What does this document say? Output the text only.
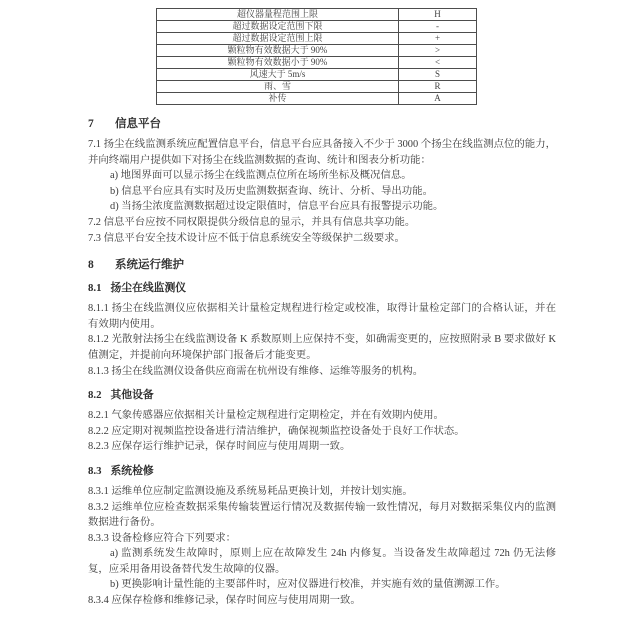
超仪器量程范围上限	H
超过数据设定范围下限	-
超过数据设定范围上限	+
颗粒物有效数据大于 90%	>
颗粒物有效数据小于 90%	<
风速大于 5m/s	S
雨、雪	R
补传	A
7 信息平台

7.1 扬尘在线监测系统应配置信息平台，信息平台应具备接入不少于 3000 个扬尘在线监测点位的能力，并向终端用户提供如下对扬尘在线监测数据的查询、统计和图表分析功能：

a) 地图界面可以显示扬尘在线监测点位所在场所坐标及概况信息。

b) 信息平台应具有实时及历史监测数据查询、统计、分析、导出功能。

d) 当扬尘浓度监测数据超过设定限值时，信息平台应具有报警提示功能。

7.2 信息平台应按不同权限提供分级信息的显示，并具有信息共享功能。

7.3 信息平台安全技术设计应不低于信息系统安全等级保护二级要求。

8 系统运行维护
8.1 扬尘在线监测仪

8.1.1 扬尘在线监测仪应依据相关计量检定规程进行检定或校准，取得计量检定部门的合格认证，并在有效期内使用。

8.1.2 光散射法扬尘在线监测设备 K 系数原则上应保持不变，如确需变更的，应按照附录 B 要求做好 K 值测定，并提前向环境保护部门报备后才能变更。

8.1.3 扬尘在线监测仪设备供应商需在杭州设有维修、运维等服务的机构。

8.2 其他设备

8.2.1 气象传感器应依据相关计量检定规程进行定期检定，并在有效期内使用。

8.2.2 应定期对视频监控设备进行清洁维护，确保视频监控设备处于良好工作状态。

8.2.3 应保存运行维护记录，保存时间应与使用周期一致。

8.3 系统检修

8.3.1 运维单位应制定监测设施及系统易耗品更换计划，并按计划实施。

8.3.2 运维单位应检查数据采集传输装置运行情况及数据传输一致性情况，每月对数据采集仪内的监测数据进行备份。

8.3.3 设备检修应符合下列要求：

a) 监测系统发生故障时，原则上应在故障发生 24h 内修复。当设备发生故障超过 72h 仍无法修复，应采用备用设备替代发生故障的仪器。

b) 更换影响计量性能的主要部件时，应对仪器进行校准，并实施有效的量值溯源工作。

8.3.4 应保存检修和维修记录，保存时间应与使用周期一致。
